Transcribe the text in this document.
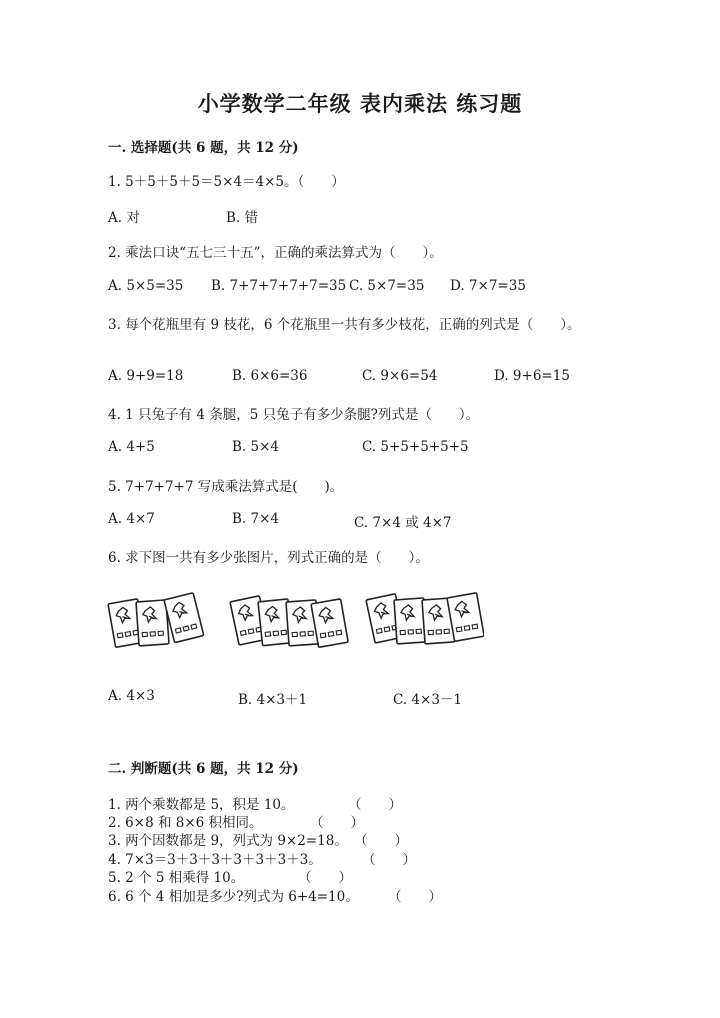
小学数学二年级 表内乘法 练习题
一. 选择题(共 6 题，共 12 分)
1. 5＋5＋5＋5＝5×4＝4×5。（　　）
A. 对	B. 错
2. 乘法口诀“五七三十五”，正确的乘法算式为（　　）。
A. 5×5=35 B. 7+7+7+7+7=35 C. 5×7=35 D. 7×7=35
3. 每个花瓶里有 9 枝花，6 个花瓶里一共有多少枝花，正确的列式是（　　）。
A. 9+9=18	B. 6×6=36	C. 9×6=54	D. 9+6=15
4. 1 只兔子有 4 条腿，5 只兔子有多少条腿?列式是（　　）。
A. 4+5	B. 5×4	C. 5+5+5+5+5
5. 7+7+7+7 写成乘法算式是(　　)。
A. 4×7	B. 7×4	C. 7×4 或 4×7
6. 求下图一共有多少张图片，列式正确的是（　　）。
A. 4×3	B. 4×3＋1	C. 4×3－1
二. 判断题(共 6 题，共 12 分)
1. 两个乘数都是 5，积是 10。	（　　）
2. 6×8 和 8×6 积相同。	（　　）
3. 两个因数都是 9，列式为 9×2=18。 （　　）
4. 7×3＝3＋3＋3＋3＋3＋3＋3。	（　　）
5. 2 个 5 相乘得 10。	（　　）
6. 6 个 4 相加是多少?列式为 6+4=10。 （　　）
